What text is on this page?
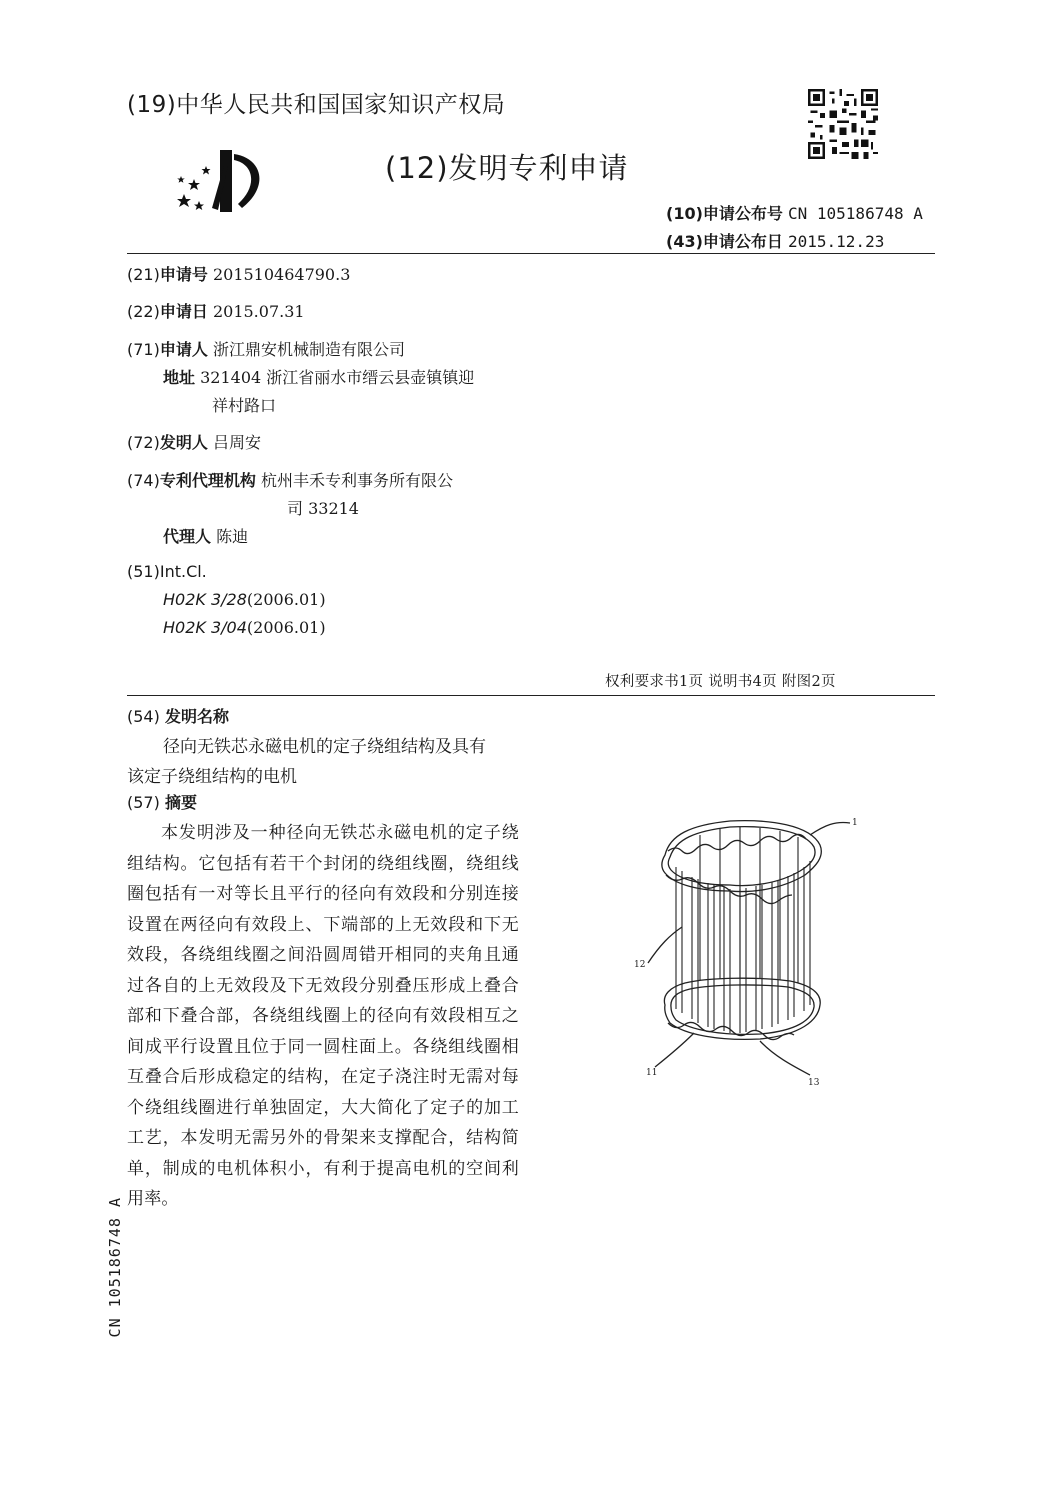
(19)中华人民共和国国家知识产权局
(12)发明专利申请
(10)申请公布号 CN 105186748 A
(43)申请公布日 2015.12.23
(21)申请号 201510464790.3
(22)申请日 2015.07.31
(71)申请人 浙江鼎安机械制造有限公司
地址 321404 浙江省丽水市缙云县壶镇镇迎
祥村路口
(72)发明人 吕周安
(74)专利代理机构 杭州丰禾专利事务所有限公
司 33214
代理人 陈迪
(51)Int.Cl.
H02K 3/28(2006.01)
H02K 3/04(2006.01)
权利要求书1页 说明书4页 附图2页
(54) 发明名称
径向无铁芯永磁电机的定子绕组结构及具有
该定子绕组结构的电机
(57) 摘要
本发明涉及一种径向无铁芯永磁电机的定子绕组结构。它包括有若干个封闭的绕组线圈，绕组线圈包括有一对等长且平行的径向有效段和分别连接设置在两径向有效段上、下端部的上无效段和下无效段，各绕组线圈之间沿圆周错开相同的夹角且通过各自的上无效段及下无效段分别叠压形成上叠合部和下叠合部，各绕组线圈上的径向有效段相互之间成平行设置且位于同一圆柱面上。各绕组线圈相互叠合后形成稳定的结构，在定子浇注时无需对每个绕组线圈进行单独固定，大大简化了定子的加工工艺，本发明无需另外的骨架来支撑配合，结构简单，制成的电机体积小，有利于提高电机的空间利用率。
1
12
11
13
CN 105186748 A
